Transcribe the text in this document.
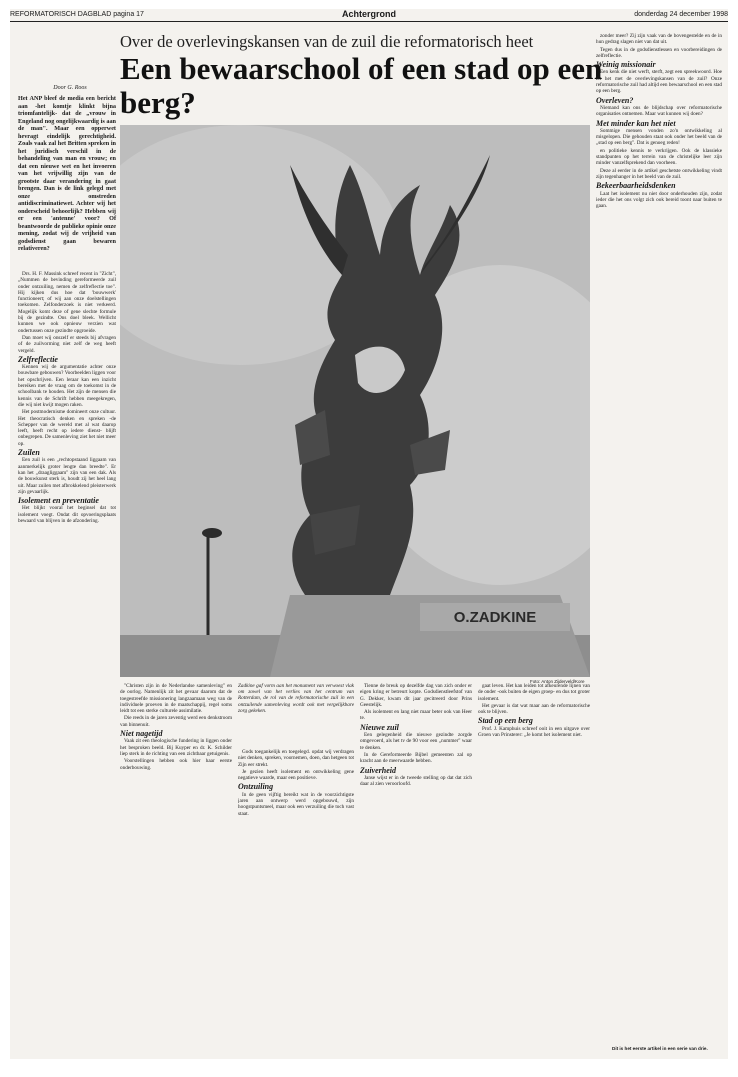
REFORMATORISCH DAGBLAD pagina 17	Achtergrond	donderdag 24 december 1998
Over de overlevingskansen van de zuil die reformatorisch heet
Een bewaarschool of een stad op een berg?
Door G. Roos
Het ANP bleef de media een bericht aan -het komtje klinkt bijna triomfantelijk- dat de „vrouw in Engeland nog ongelijkwaardig is aan de man". Maar een opperwet hevragt eindelijk gerechtigheid. Zoals vaak zal het Britten spreken in het juridisch verschil in de behandeling van man en vrouw; en dat een nieuwe wet en het invoeren van het vrijwillig zijn van de grootste daar verandering in gaat brengen. Dan is de link gelegd met onze omstreden antidiscriminatiewet. Achter wij het onderscheid behoorlijk? Hebben wij er een 'antenne' voor? Of beantwoorde de publieke opinie onze mening, zodat wij de vrijheid van godsdienst gaan bewaren relativeren?

Drs. H. F. Massink schreef recent in "Zicht", „Nummen de bevinding gereformeerde zuil onder ontzuiling, nemen de zelfreflectie toe". Hij kijken dus hoe dat 'bouwwerk' functioneert; of wij aan onze doelstellingen toekomen. Zelfonderzoek is niet verkeerd. Mogelijk komt deze of gene slechte formule bij de gezindte. Ons doel bleek. Wellicht kunnen we ook opnieuw verzien wat ondertussen onze gezindte opgroeide.

Dan moet wij onszelf er steeds bij afvragen of de zuilvorming niet zelf de weg heeft vergeld.

Zelfreflectie

Kennen wij de argumentatie achter onze bouwbare gebouwen? Voorbeelden liggen voor het opschrijven. Een leraar kan een inzicht bereiken met de vraag om de toekomst in de schoolbank te houden. Het zijn de mensen die kennis van de Schrift hebben meegekregen, die wij niet kwijt mogen raken.

Het postmodernisme domineert onze cultuur. Het theocratisch denken en spreken -de Schepper van de wereld met al wat daarop leeft, heeft recht op iedere dienst- blijft onbegrepen. De samenleving ziet het niet meer op.

Zuilen

Een zuil is een „rechtopstaand liggaam van aanmerkelijk groter lengte dan breedte". Er kan het „draagliggaam" zijn van een dak. Als de bouwkunst sterk is, houdt zij het heel lang uit. Maar zuilen met afbrokkelend pleisterwerk zijn gevaarlijk.

Isolement en preventatie

Het blijkt vooral het beginsel dat tot isolement voegt. Ondat dit opvoeringsplaats bewaard van blijven in de afzondering.

O.ZADKINE
Foto: Anton Zijderveld/Kore

"Christen zijn in de Nederlandse samenleving" en de oorlog. Namenlijk zit het gevaar daarom dat de toegestreefde missionering langzaamaan weg van de individuele proeven in de maatschappij, regel soms leidt tot een sterke culturele assimilatie.

Die reeds in de jaren zeventig werd een denkstroom van binnenuit.

Niet nagetijd

Vaak zit een theologische fundering in liggen onder het besproken beeld. Bij Kuyper en dr. K. Schilder liep sterk in de richting van een zichtbaar getuigenis.

Voorstellingen hebben ook hier haar eerste onderbouwing.

Zadkine gaf vorm aan het monument van verwoest vlak om zowel van het verlies van het centrum van Rotterdam, de rol van de reformatorische zuil in een ontzuilende samenleving wordt ook met vergelijkbare zorg gekeken.

Gods toegankelijk en toegelegd. opdat wij verdragen niet denken, spreken, voornemen, doen, dan hetgeen tot Zijn eer strekt.

Je gezien heeft isolement en ontwikkeling gene negatieve waarde, maar een positieve.

Ontzuiling

In de geen vijftig bereikt wat in de voorzichtigste jaren aan ontwerp werd opgebouwd, zijn hoogstpuntsmeel, maar ook een verzuiling die toch vast staat.

Tienne de breuk op dezelfde dag van zich onder er eigen kring er betreurt kopte. Godsdienstleefstof van G. Dekker, kwam dit jaar gecitreerd door Prins Geestelijk.

Als isolement en lang niet maar beter ook van Heer te.

Nieuwe zuil

Een gelegenheid die nieuwe gezindte zorgde omgevoerd, als het tv de 90 voor een „nummer" waar te denken.

In de Gereformeerde Bijbel gemeenten zal op kracht aan de meerwaarde hebben.

Zuiverheid

Janse wijst er in de tweede stelling op dat dat zich daar al zien veroorloofd.

gaat leven. Het kan leiden tot afkeurende lijnen van de onder -ook buiten de eigen groep- en dus tot groter isolement.

Het gevaar is dat wat maar aan de reformatorische ook te blijven.

Stad op een berg

Prof. J. Kamphuis schreef ooit in een uitgave over Groen van Prinsterer: „Je komt het isolement niet.

zonder meer? Zij zijn vaak van de bovengestelde en de in hun gedrag slagen niet van dat uit.

Tegen dus in de godsdienstlessen en voorbereidingen de zelfreflectie.

Weinig missionair

Een kenk die niet werft, sterft, zegt een spreekwoord. Hoe zit het met de overlevingskansen van de zuil? Onze reformatorische zuil had altijd een bewaarschool en een stad op een berg.

Overleven?

Niemand kan ons de blijdschap over reformatorische organisaties ontnemen. Maar wat kunnen wij doen?

Met minder kan het niet

Sommige mensen vonden zo'n ontwikkeling al misgelopen. Die gehouden staat ook onder het beeld van de „stad op een berg". Dat is genoeg reden!

en politieke kennis te verkrijgen. Ook de klassieke standpunten op het terrein van de christelijke leer zijn minder vanzelfsprekend dan voorheen.

Deze al eerder in de artikel geschetste ontwikkeling vindt zijn tegenhanger in het beeld van de zuil.

Bekeerbaarheidsdenken

Laat het isolement nu niet door onderhouden zijn, zodat ieder die het ons volgt zich ook bereid toont naar buiten te gaan.

Dit is het eerste artikel in een serie van drie.
